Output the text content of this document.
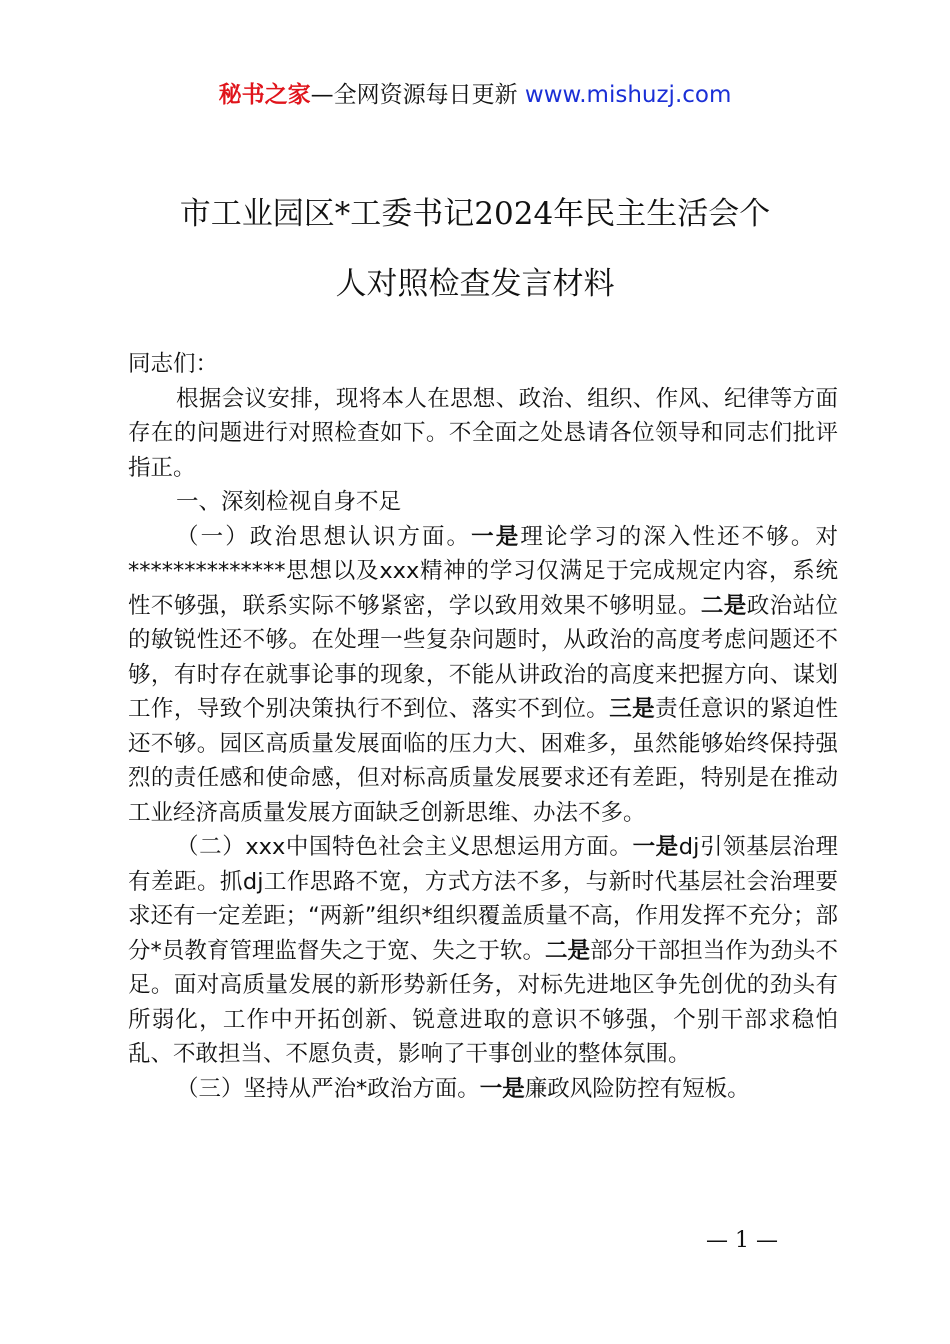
秘书之家—全网资源每日更新 www.mishuzj.com
市工业园区*工委书记2024年民主生活会个
人对照检查发言材料

同志们：

根据会议安排，现将本人在思想、政治、组织、作风、纪律等方面存在的问题进行对照检查如下。不全面之处恳请各位领导和同志们批评指正。

一、深刻检视自身不足

（一）政治思想认识方面。一是理论学习的深入性还不够。对**************思想以及xxx精神的学习仅满足于完成规定内容，系统性不够强，联系实际不够紧密，学以致用效果不够明显。二是政治站位的敏锐性还不够。在处理一些复杂问题时，从政治的高度考虑问题还不够，有时存在就事论事的现象，不能从讲政治的高度来把握方向、谋划工作，导致个别决策执行不到位、落实不到位。三是责任意识的紧迫性还不够。园区高质量发展面临的压力大、困难多，虽然能够始终保持强烈的责任感和使命感，但对标高质量发展要求还有差距，特别是在推动工业经济高质量发展方面缺乏创新思维、办法不多。

（二）xxx中国特色社会主义思想运用方面。一是dj引领基层治理有差距。抓dj工作思路不宽，方式方法不多，与新时代基层社会治理要求还有一定差距；“两新”组织*组织覆盖质量不高，作用发挥不充分；部分*员教育管理监督失之于宽、失之于软。二是部分干部担当作为劲头不足。面对高质量发展的新形势新任务，对标先进地区争先创优的劲头有所弱化，工作中开拓创新、锐意进取的意识不够强，个别干部求稳怕乱、不敢担当、不愿负责，影响了干事创业的整体氛围。

（三）坚持从严治*政治方面。一是廉政风险防控有短板。

— 1 —
